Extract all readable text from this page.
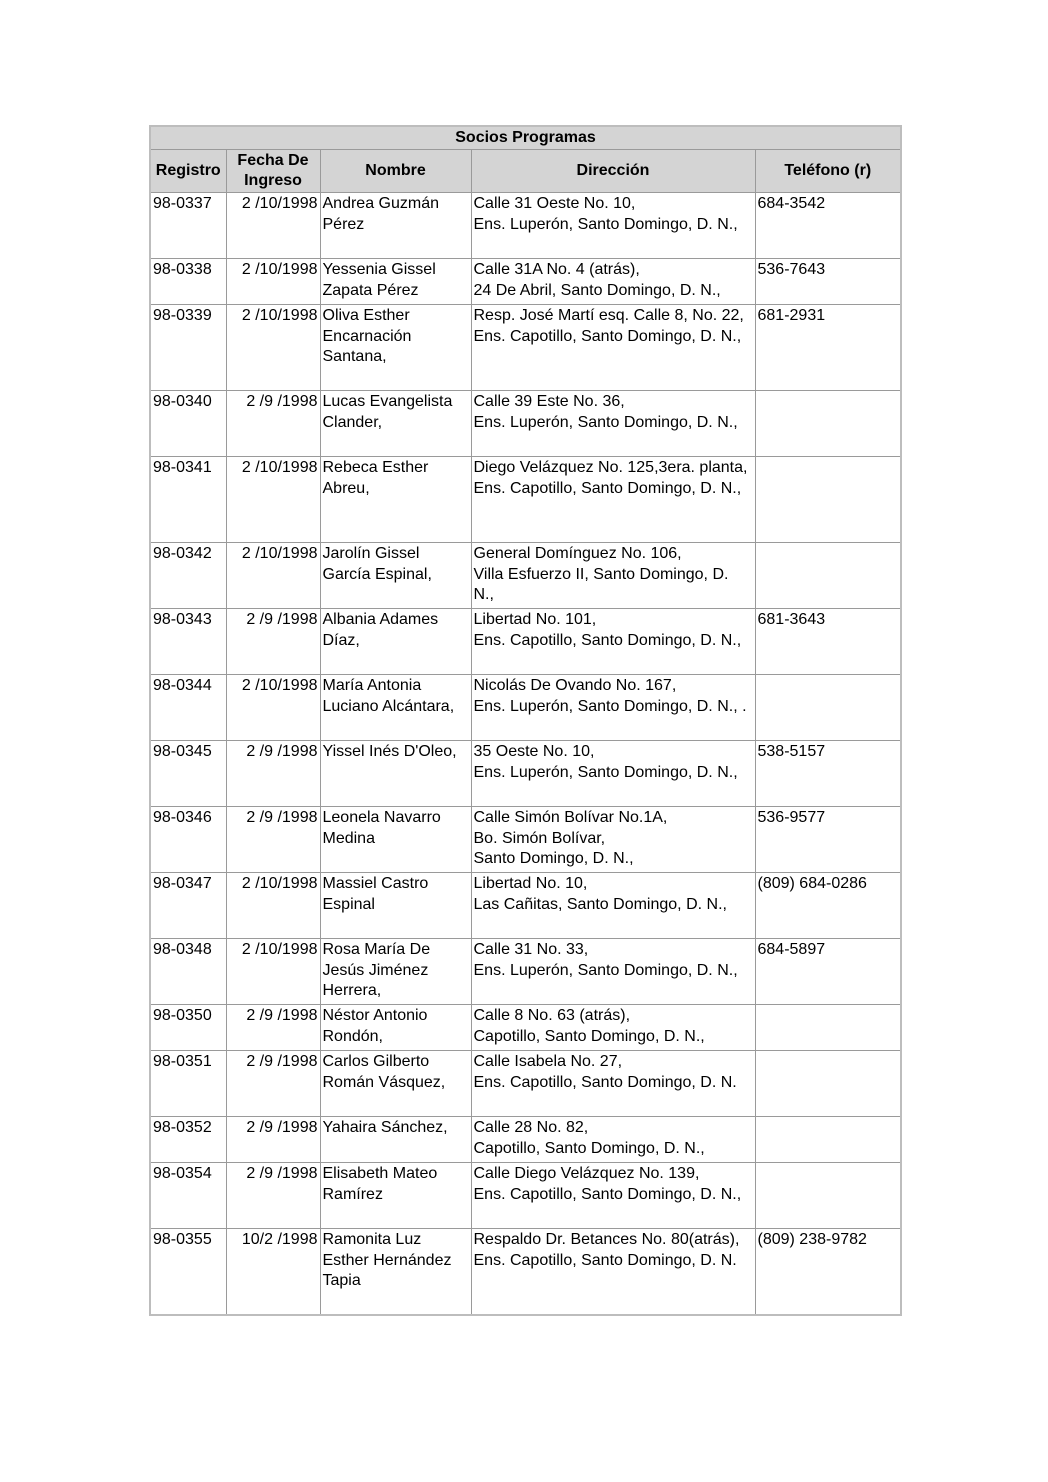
Socios Programas				
Registro	Fecha De Ingreso	Nombre	Dirección	Teléfono (r)
98-0337	2 /10/1998	Andrea Guzmán Pérez	Calle 31 Oeste No. 10,
Ens. Luperón, Santo Domingo, D. N.,	684-3542
98-0338	2 /10/1998	Yessenia Gissel Zapata Pérez	Calle 31A No. 4 (atrás),
24 De Abril, Santo Domingo, D. N.,	536-7643
98-0339	2 /10/1998	Oliva Esther Encarnación Santana,	Resp. José Martí esq. Calle 8, No. 22,
Ens. Capotillo, Santo Domingo, D. N.,	681-2931
98-0340	2 /9 /1998	Lucas Evangelista Clander,	Calle 39 Este No. 36,
Ens. Luperón, Santo Domingo, D. N.,	
98-0341	2 /10/1998	Rebeca Esther Abreu,	Diego Velázquez No. 125,3era. planta,
Ens. Capotillo, Santo Domingo, D. N.,	
98-0342	2 /10/1998	Jarolín Gissel García Espinal,	General Domínguez No. 106,
Villa Esfuerzo II, Santo Domingo, D. N.,	
98-0343	2 /9 /1998	Albania Adames Díaz,	Libertad No. 101,
Ens. Capotillo, Santo Domingo, D. N.,	681-3643
98-0344	2 /10/1998	María Antonia Luciano Alcántara,	Nicolás De Ovando No. 167,
Ens. Luperón, Santo Domingo, D. N., .	
98-0345	2 /9 /1998	Yissel Inés D'Oleo,	35 Oeste No. 10,
Ens. Luperón, Santo Domingo, D. N.,	538-5157
98-0346	2 /9 /1998	Leonela Navarro Medina	Calle Simón Bolívar No.1A,
Bo. Simón Bolívar,
Santo Domingo, D. N.,	536-9577
98-0347	2 /10/1998	Massiel Castro Espinal	Libertad No. 10,
Las Cañitas, Santo Domingo, D. N.,	(809) 684-0286
98-0348	2 /10/1998	Rosa María De Jesús Jiménez Herrera,	Calle 31 No. 33,
Ens. Luperón, Santo Domingo, D. N.,	684-5897
98-0350	2 /9 /1998	Néstor Antonio Rondón,	Calle 8 No. 63 (atrás),
Capotillo, Santo Domingo, D. N.,	
98-0351	2 /9 /1998	Carlos Gilberto Román Vásquez,	Calle Isabela No. 27,
Ens. Capotillo, Santo Domingo, D. N.	
98-0352	2 /9 /1998	Yahaira Sánchez,	Calle 28 No. 82,
Capotillo, Santo Domingo, D. N.,	
98-0354	2 /9 /1998	Elisabeth Mateo Ramírez	Calle Diego Velázquez No. 139,
Ens. Capotillo, Santo Domingo, D. N.,	
98-0355	10/2 /1998	Ramonita Luz Esther Hernández Tapia	Respaldo Dr. Betances No. 80(atrás),
Ens. Capotillo, Santo Domingo, D. N.	(809) 238-9782
